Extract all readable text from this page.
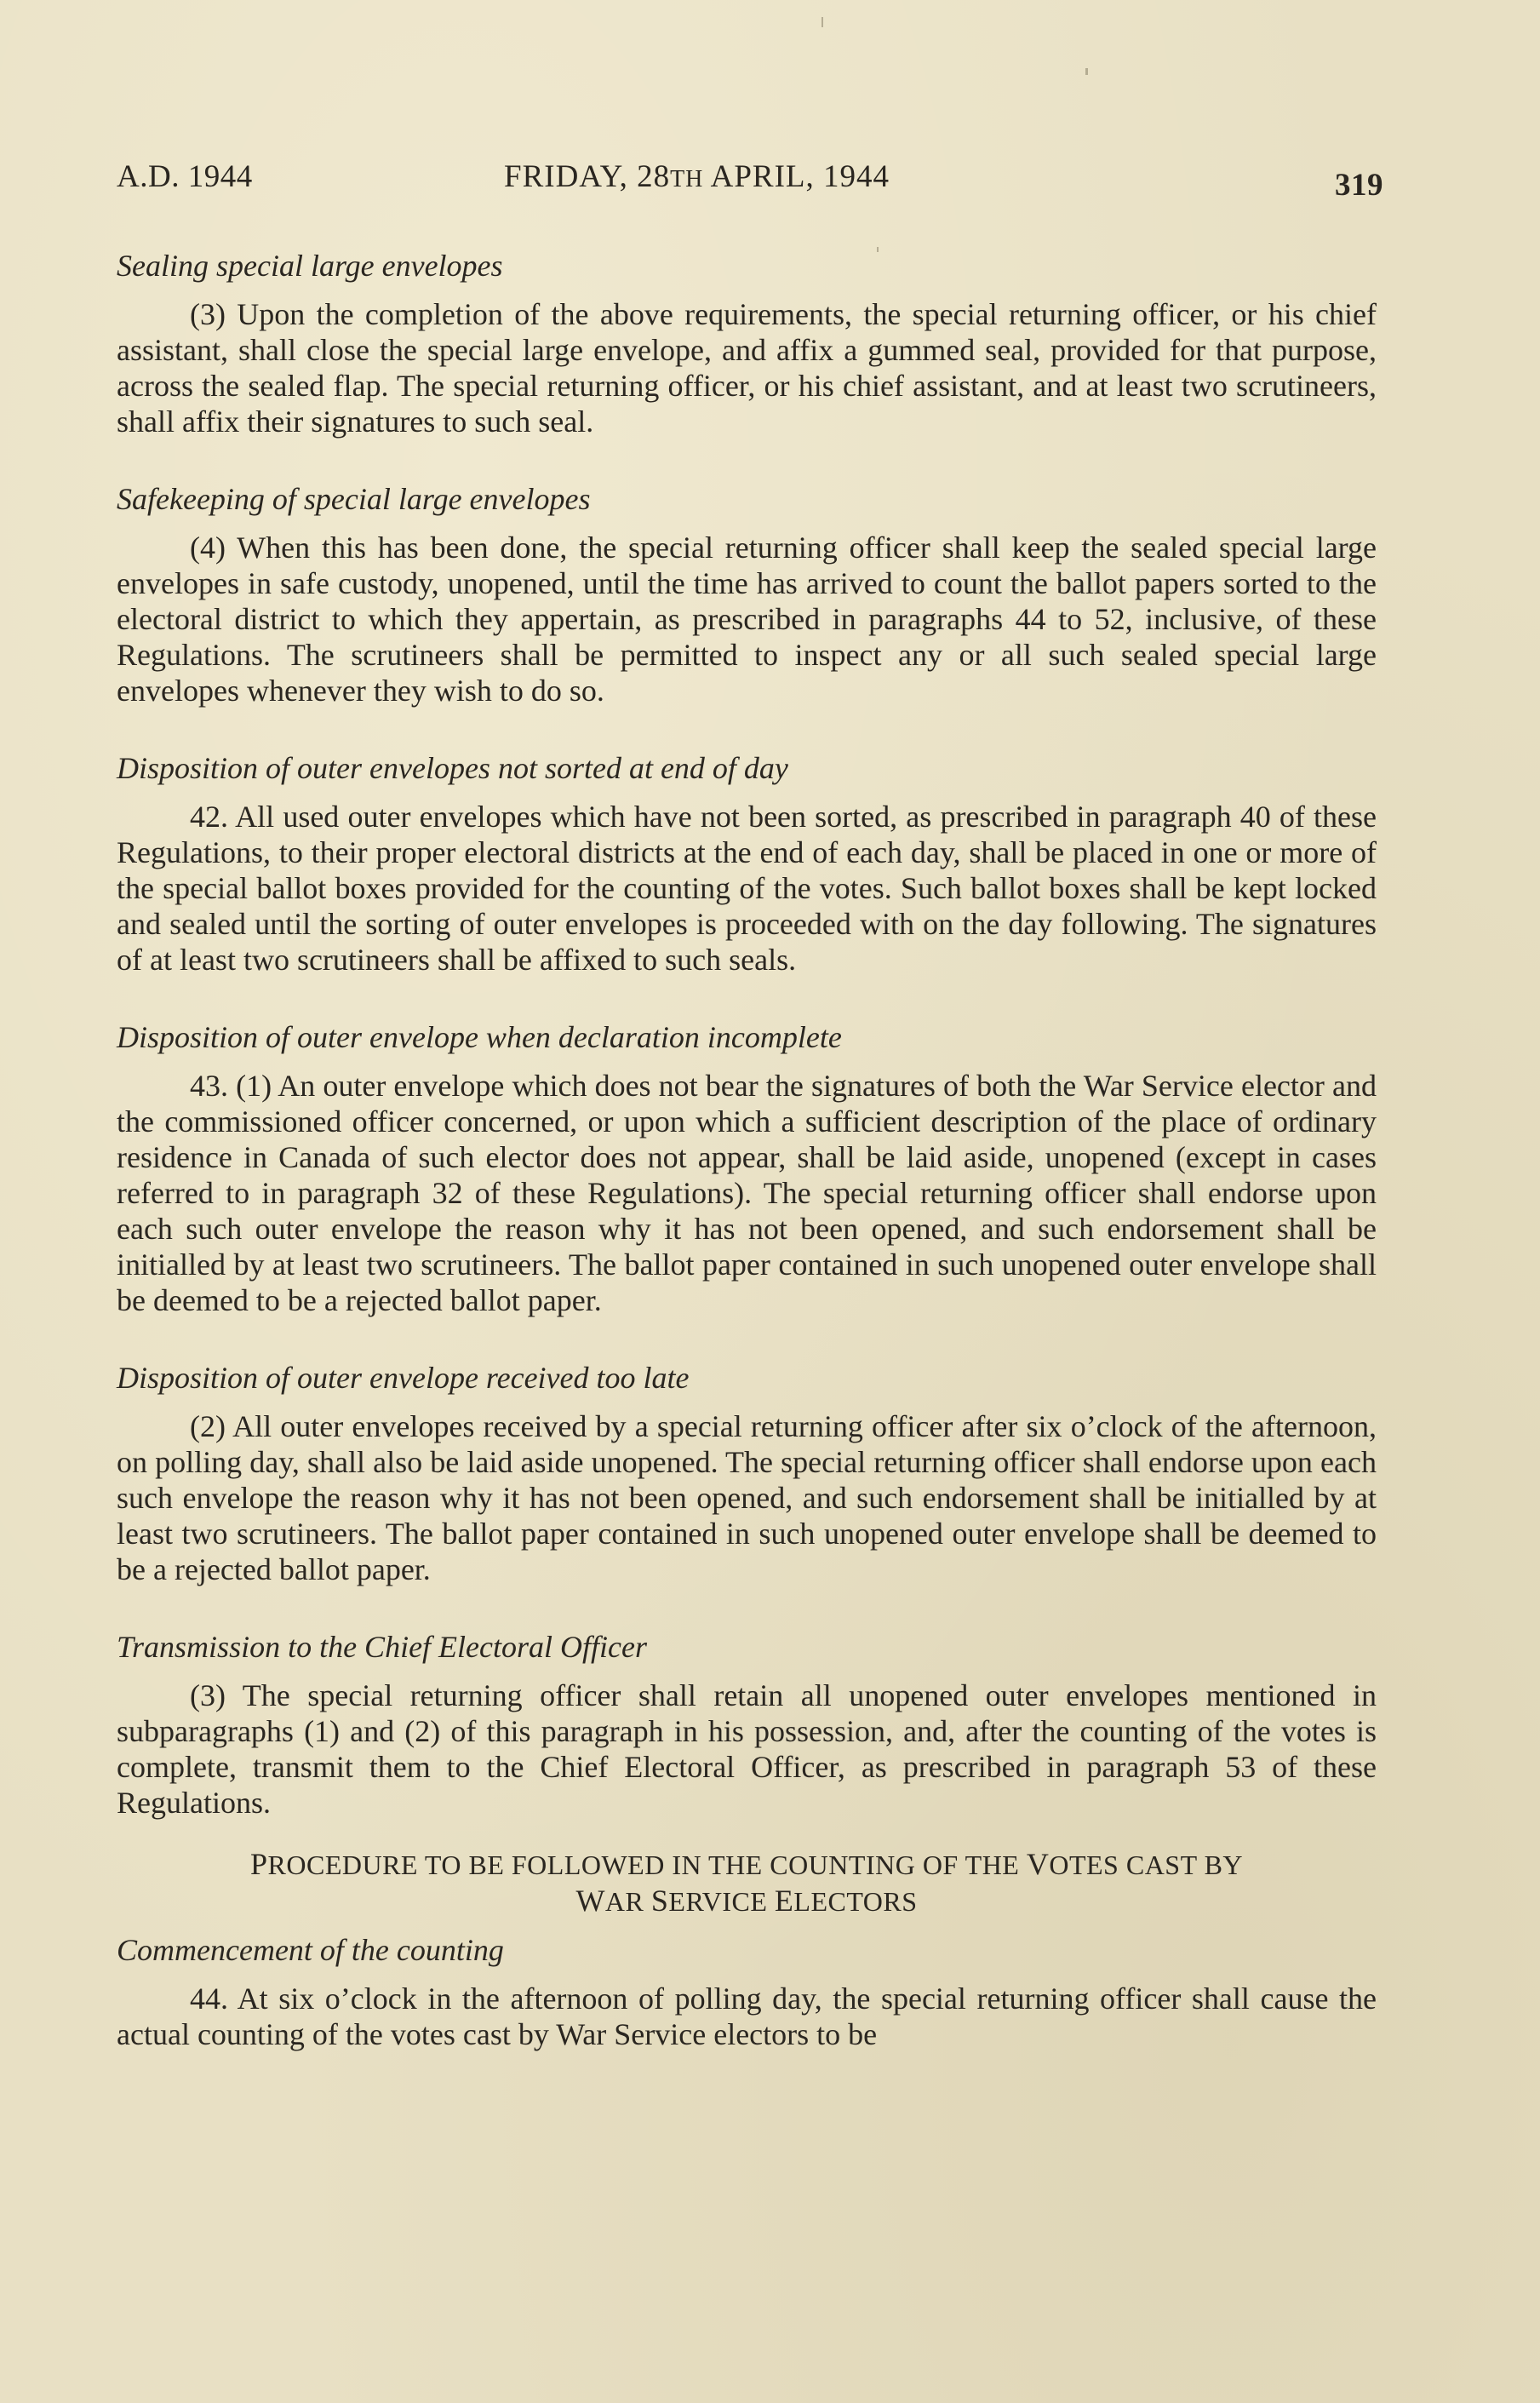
A.D. 1944	FRIDAY, 28TH APRIL, 1944	319
Sealing special large envelopes

(3) Upon the completion of the above requirements, the special returning officer, or his chief assistant, shall close the special large envelope, and affix a gummed seal, provided for that purpose, across the sealed flap. The special returning officer, or his chief assistant, and at least two scrutineers, shall affix their signatures to such seal.

Safekeeping of special large envelopes

(4) When this has been done, the special returning officer shall keep the sealed special large envelopes in safe custody, unopened, until the time has arrived to count the ballot papers sorted to the electoral district to which they appertain, as prescribed in paragraphs 44 to 52, inclusive, of these Regulations. The scrutineers shall be permitted to inspect any or all such sealed special large envelopes whenever they wish to do so.

Disposition of outer envelopes not sorted at end of day

42. All used outer envelopes which have not been sorted, as prescribed in paragraph 40 of these Regulations, to their proper electoral districts at the end of each day, shall be placed in one or more of the special ballot boxes provided for the counting of the votes. Such ballot boxes shall be kept locked and sealed until the sorting of outer envelopes is proceeded with on the day following. The signatures of at least two scrutineers shall be affixed to such seals.

Disposition of outer envelope when declaration incomplete

43. (1) An outer envelope which does not bear the signatures of both the War Service elector and the commissioned officer concerned, or upon which a sufficient description of the place of ordinary residence in Canada of such elector does not appear, shall be laid aside, unopened (except in cases referred to in paragraph 32 of these Regulations). The special returning officer shall endorse upon each such outer envelope the reason why it has not been opened, and such endorsement shall be initialled by at least two scrutineers. The ballot paper contained in such unopened outer envelope shall be deemed to be a rejected ballot paper.

Disposition of outer envelope received too late

(2) All outer envelopes received by a special returning officer after six o’clock of the afternoon, on polling day, shall also be laid aside unopened. The special returning officer shall endorse upon each such envelope the reason why it has not been opened, and such endorsement shall be initialled by at least two scrutineers. The ballot paper contained in such unopened outer envelope shall be deemed to be a rejected ballot paper.

Transmission to the Chief Electoral Officer

(3) The special returning officer shall retain all unopened outer envelopes mentioned in subparagraphs (1) and (2) of this paragraph in his possession, and, after the counting of the votes is complete, transmit them to the Chief Electoral Officer, as prescribed in paragraph 53 of these Regulations.

PROCEDURE TO BE FOLLOWED IN THE COUNTING OF THE VOTES CAST BY
WAR SERVICE ELECTORS
Commencement of the counting

44. At six o’clock in the afternoon of polling day, the special returning officer shall cause the actual counting of the votes cast by War Service electors to be
